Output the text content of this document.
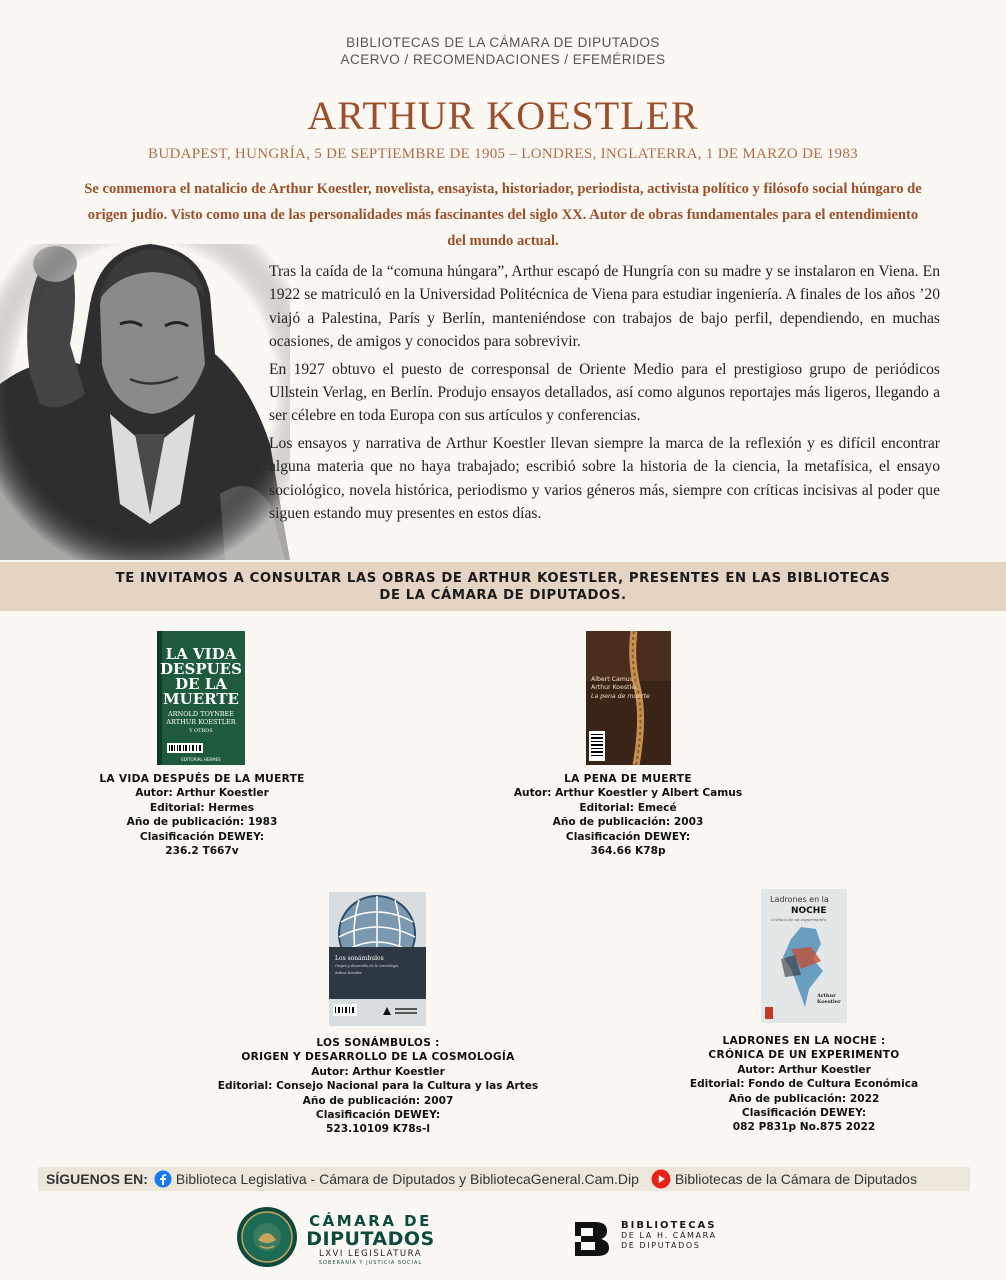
BIBLIOTECAS DE LA CÁMARA DE DIPUTADOS
ACERVO / RECOMENDACIONES / EFEMÉRIDES
ARTHUR KOESTLER
BUDAPEST, HUNGRÍA, 5 DE SEPTIEMBRE DE 1905 – LONDRES, INGLATERRA, 1 DE MARZO DE 1983
Se conmemora el natalicio de Arthur Koestler, novelista, ensayista, historiador, periodista, activista político y filósofo social húngaro de origen judío. Visto como una de las personalidades más fascinantes del siglo XX. Autor de obras fundamentales para el entendimiento del mundo actual.

Tras la caída de la “comuna húngara”, Arthur escapó de Hungría con su madre y se instalaron en Viena. En 1922 se matriculó en la Universidad Politécnica de Viena para estudiar ingeniería. A finales de los años ’20 viajó a Palestina, París y Berlín, manteniéndose con trabajos de bajo perfil, dependiendo, en muchas ocasiones, de amigos y conocidos para sobrevivir.

En 1927 obtuvo el puesto de corresponsal de Oriente Medio para el prestigioso grupo de periódicos Ullstein Verlag, en Berlín. Produjo ensayos detallados, así como algunos reportajes más ligeros, llegando a ser célebre en toda Europa con sus artículos y conferencias.

Los ensayos y narrativa de Arthur Koestler llevan siempre la marca de la reflexión y es difícil encontrar alguna materia que no haya trabajado; escribió sobre la historia de la ciencia, la metafísica, el ensayo sociológico, novela histórica, periodismo y varios géneros más, siempre con críticas incisivas al poder que siguen estando muy presentes en estos días.

TE INVITAMOS A CONSULTAR LAS OBRAS DE ARTHUR KOESTLER, PRESENTES EN LAS BIBLIOTECAS
DE LA CÁMARA DE DIPUTADOS.
LA VIDA
DESPUES
DE LA
MUERTE
ARNOLD TOYNBEE
ARTHUR KOESTLER
Y OTROS
EDITORIAL HERMES
LA VIDA DESPUÉS DE LA MUERTE
Autor: Arthur Koestler
Editorial: Hermes
Año de publicación: 1983
Clasificación DEWEY:
236.2 T667v
Albert Camus
Arthur Koestler
La pena de muerte
LA PENA DE MUERTE
Autor: Arthur Koestler y Albert Camus
Editorial: Emecé
Año de publicación: 2003
Clasificación DEWEY:
364.66 K78p
Los sonámbulos
Origen y desarrollo de la cosmología
Arthur Koestler
LOS SONÁMBULOS :
ORIGEN Y DESARROLLO DE LA COSMOLOGÍA
Autor: Arthur Koestler
Editorial: Consejo Nacional para la Cultura y las Artes
Año de publicación: 2007
Clasificación DEWEY:
523.10109 K78s-l
Ladrones en la
NOCHE
Crónica de un experimento
Arthur
Koestler
LADRONES EN LA NOCHE :
CRÓNICA DE UN EXPERIMENTO
Autor: Arthur Koestler
Editorial: Fondo de Cultura Económica
Año de publicación: 2022
Clasificación DEWEY:
082 P831p No.875 2022
SÍGUENOS EN: Biblioteca Legislativa - Cámara de Diputados y BibliotecaGeneral.Cam.Dip	Bibliotecas de la Cámara de Diputados
CÁMARA DE
DIPUTADOS
LXVI LEGISLATURA
SOBERANÍA Y JUSTICIA SOCIAL
BIBLIOTECAS
DE LA H. CÁMARA
DE DIPUTADOS
